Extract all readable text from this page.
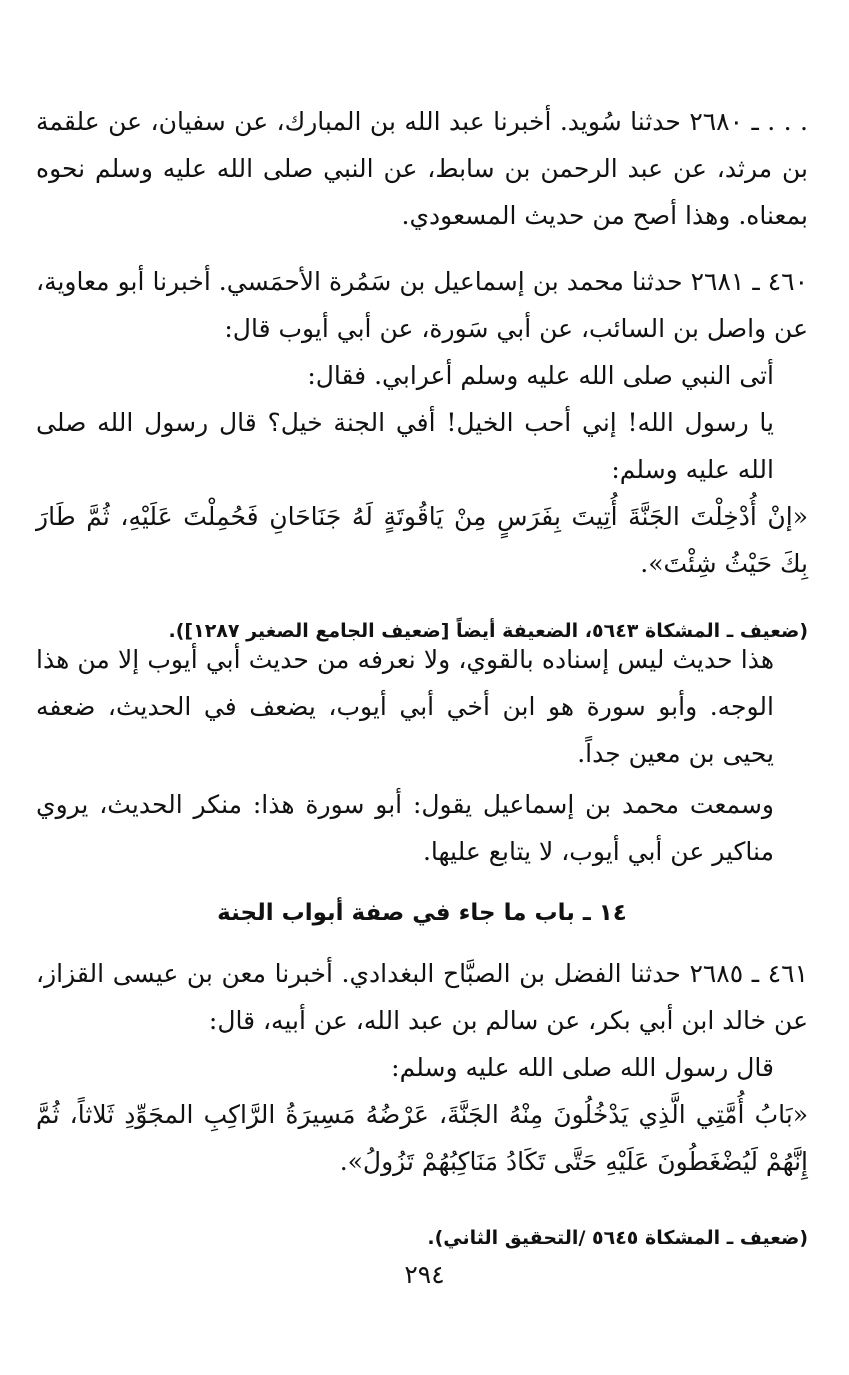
. . . ـ ٢٦٨٠ حدثنا سُويد. أخبرنا عبد الله بن المبارك، عن سفيان، عن علقمة بن مرثد، عن عبد الرحمن بن سابط، عن النبي صلى الله عليه وسلم نحوه بمعناه. وهذا أصح من حديث المسعودي.

٤٦٠ ـ ٢٦٨١ حدثنا محمد بن إسماعيل بن سَمُرة الأحمَسي. أخبرنا أبو معاوية، عن واصل بن السائب، عن أبي سَورة، عن أبي أيوب قال:

أتى النبي صلى الله عليه وسلم أعرابي. فقال:

يا رسول الله! إني أحب الخيل! أفي الجنة خيل؟ قال رسول الله صلى الله عليه وسلم:

«إنْ أُدْخِلْتَ الجَنَّةَ أُتِيتَ بِفَرَسٍ مِنْ يَاقُوتَةٍ لَهُ جَنَاحَانِ فَحُمِلْتَ عَلَيْهِ، ثُمَّ طَارَ بِكَ حَيْثُ شِئْتَ».

(ضعيف ـ المشكاة ٥٦٤٣، الضعيفة أيضاً [ضعيف الجامع الصغير ١٢٨٧]).

هذا حديث ليس إسناده بالقوي، ولا نعرفه من حديث أبي أيوب إلا من هذا الوجه. وأبو سورة هو ابن أخي أبي أيوب، يضعف في الحديث، ضعفه يحيى بن معين جداً.

وسمعت محمد بن إسماعيل يقول: أبو سورة هذا: منكر الحديث، يروي مناكير عن أبي أيوب، لا يتابع عليها.

١٤ ـ باب ما جاء في صفة أبواب الجنة

٤٦١ ـ ٢٦٨٥ حدثنا الفضل بن الصبَّاح البغدادي. أخبرنا معن بن عيسى القزاز، عن خالد ابن أبي بكر، عن سالم بن عبد الله، عن أبيه، قال:

قال رسول الله صلى الله عليه وسلم:

«بَابُ أُمَّتِي الَّذِي يَدْخُلُونَ مِنْهُ الجَنَّةَ، عَرْضُهُ مَسِيرَةُ الرَّاكِبِ المجَوِّدِ ثَلاثاً، ثُمَّ إِنَّهُمْ لَيُضْغَطُونَ عَلَيْهِ حَتَّى تَكَادُ مَنَاكِبُهُمْ تَزُولُ».

(ضعيف ـ المشكاة ٥٦٤٥ /التحقيق الثاني).

٢٩٤
